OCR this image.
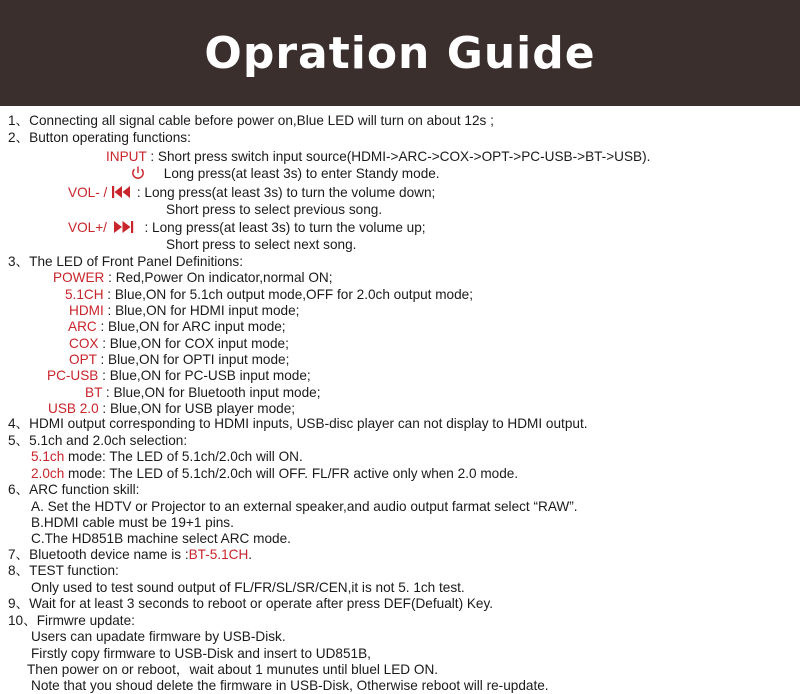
Opration Guide
1、Connecting all signal cable before power on,Blue LED will turn on about 12s ;
2、Button operating functions:
INPUT : Short press switch input source(HDMI->ARC->COX->OPT->PC-USB->BT->USB).
Long press(at least 3s) to enter Standy mode.
VOL- /
: Long press(at least 3s) to turn the volume down;
Short press to select previous song.
VOL+/
: Long press(at least 3s) to turn the volume up;
Short press to select next song.
3、The LED of Front Panel Definitions:
POWER : Red,Power On indicator,normal ON;
5.1CH : Blue,ON for 5.1ch output mode,OFF for 2.0ch output mode;
HDMI : Blue,ON for HDMI input mode;
ARC : Blue,ON for ARC input mode;
COX : Blue,ON for COX input mode;
OPT : Blue,ON for OPTI input mode;
PC-USB : Blue,ON for PC-USB input mode;
BT : Blue,ON for Bluetooth input mode;
USB 2.0 : Blue,ON for USB player mode;
4、HDMI output corresponding to HDMI inputs, USB-disc player can not display to HDMI output.
5、5.1ch and 2.0ch selection:
5.1ch mode: The LED of 5.1ch/2.0ch will ON.
2.0ch mode: The LED of 5.1ch/2.0ch will OFF. FL/FR active only when 2.0 mode.
6、ARC function skill:
A. Set the HDTV or Projector to an external speaker,and audio output farmat select “RAW”.
B.HDMI cable must be 19+1 pins.
C.The HD851B machine select ARC mode.
7、Bluetooth device name is :BT-5.1CH.
8、TEST function:
Only used to test sound output of FL/FR/SL/SR/CEN,it is not 5. 1ch test.
9、Wait for at least 3 seconds to reboot or operate after press DEF(Defualt) Key.
10、Firmwre update:
Users can upadate firmware by USB-Disk.
Firstly copy firmware to USB-Disk and insert to UD851B,
Then power on or reboot，wait about 1 munutes until bluel LED ON.
Note that you shoud delete the firmware in USB-Disk, Otherwise reboot will re-update.
